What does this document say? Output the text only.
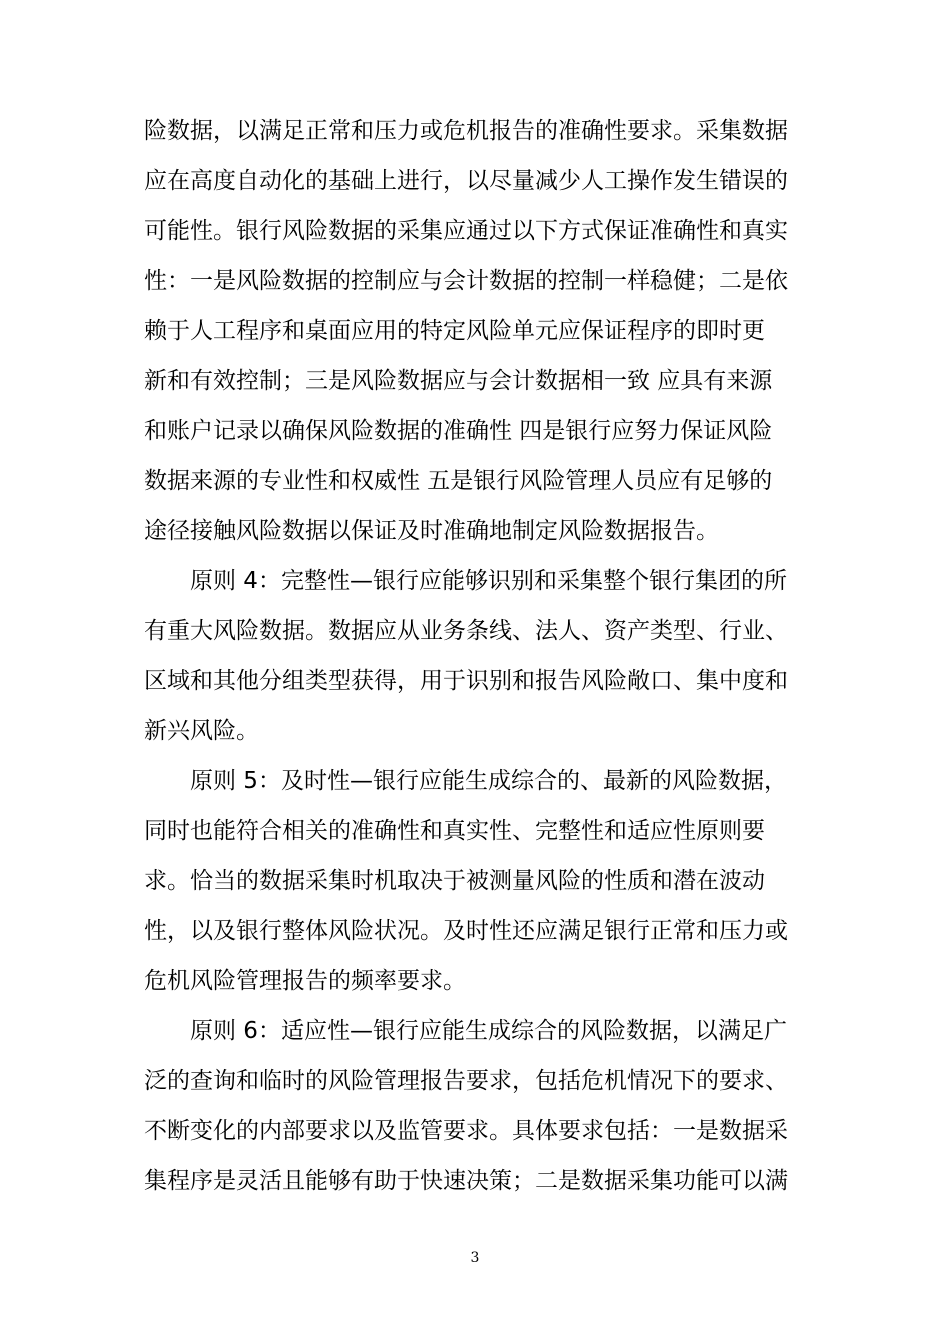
险数据，以满足正常和压力或危机报告的准确性要求。采集数据
应在高度自动化的基础上进行，以尽量减少人工操作发生错误的
可能性。银行风险数据的采集应通过以下方式保证准确性和真实
性：一是风险数据的控制应与会计数据的控制一样稳健；二是依
赖于人工程序和桌面应用的特定风险单元应保证程序的即时更
新和有效控制；三是风险数据应与会计数据相一致 应具有来源
和账户记录以确保风险数据的准确性 四是银行应努力保证风险
数据来源的专业性和权威性 五是银行风险管理人员应有足够的
途径接触风险数据以保证及时准确地制定风险数据报告。
　　原则 4：完整性—银行应能够识别和采集整个银行集团的所
有重大风险数据。数据应从业务条线、法人、资产类型、行业、
区域和其他分组类型获得，用于识别和报告风险敞口、集中度和
新兴风险。
　　原则 5：及时性—银行应能生成综合的、最新的风险数据，
同时也能符合相关的准确性和真实性、完整性和适应性原则要
求。恰当的数据采集时机取决于被测量风险的性质和潜在波动
性，以及银行整体风险状况。及时性还应满足银行正常和压力或
危机风险管理报告的频率要求。
　　原则 6：适应性—银行应能生成综合的风险数据，以满足广
泛的查询和临时的风险管理报告要求，包括危机情况下的要求、
不断变化的内部要求以及监管要求。具体要求包括：一是数据采
集程序是灵活且能够有助于快速决策；二是数据采集功能可以满
3
